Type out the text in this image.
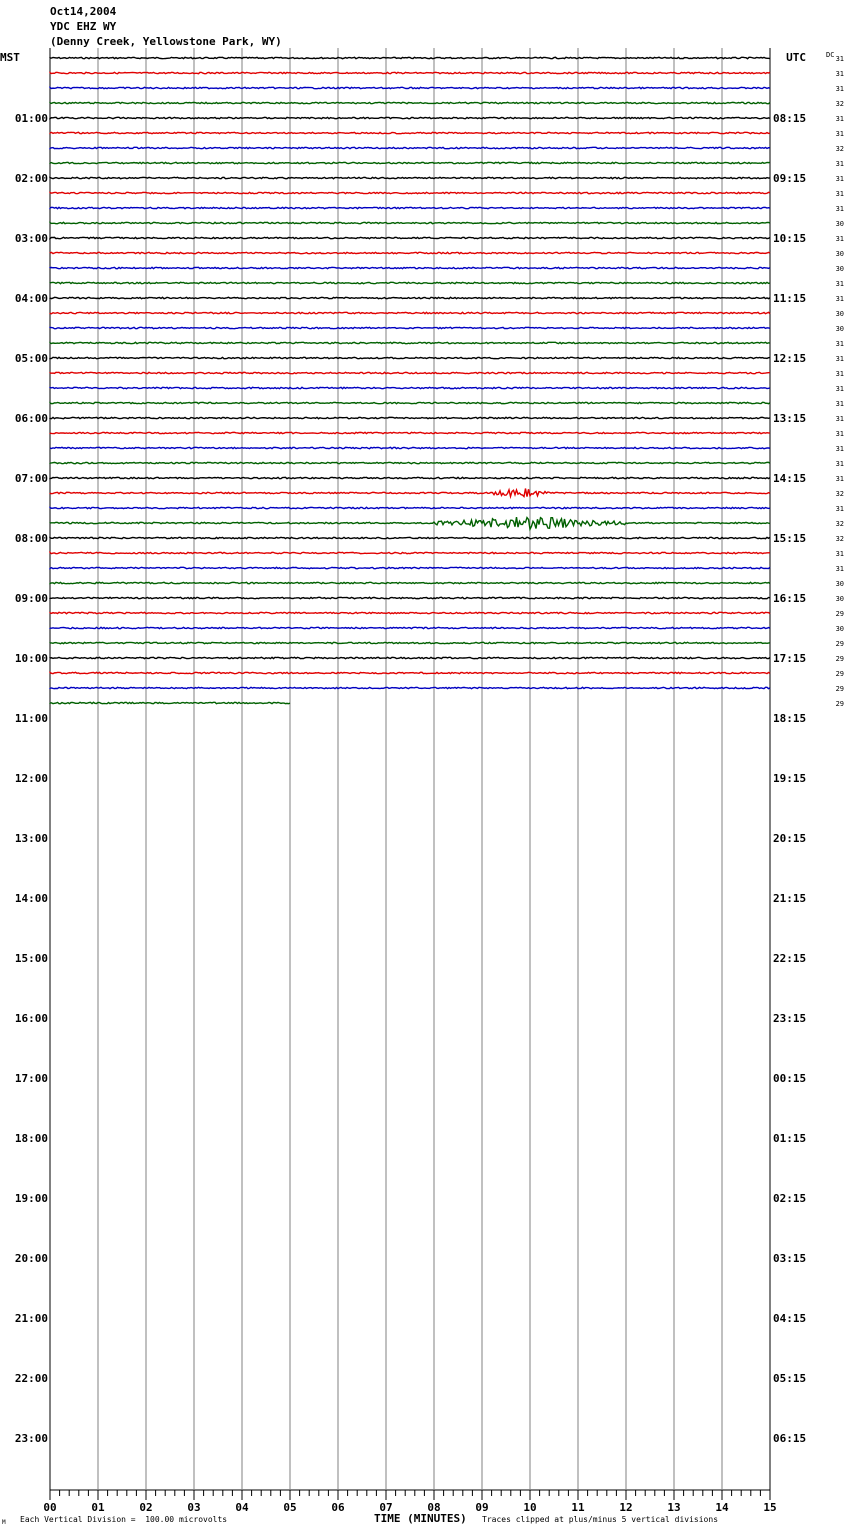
Oct14,2004
YDC EHZ WY
(Denny Creek, Yellowstone Park, WY)
00	01	02	03	04	05	06	07	08	09	10	11	12	13	14	15
MST	UTC	DC
01:00
02:00
03:00
04:00
05:00
06:00
07:00
08:00
09:00
10:00
11:00
12:00
13:00
14:00
15:00
16:00
17:00
18:00
19:00
20:00
21:00
22:00
23:00
08:15
09:15
10:15
11:15
12:15
13:15
14:15
15:15
16:15
17:15
18:15
19:15
20:15
21:15
22:15
23:15
00:15
01:15
02:15
03:15
04:15
05:15
06:15
31
31
31
32
31
31
32
31
31
31
31
30
31
30
30
31
31
30
30
31
31
31
31
31
31
31
31
31
31
32
31
32
32
31
31
30
30
29
30
29
29
29
29
29
M Each Vertical Division =  100.00 microvolts	TIME (MINUTES) Traces clipped at plus/minus 5 vertical divisions
